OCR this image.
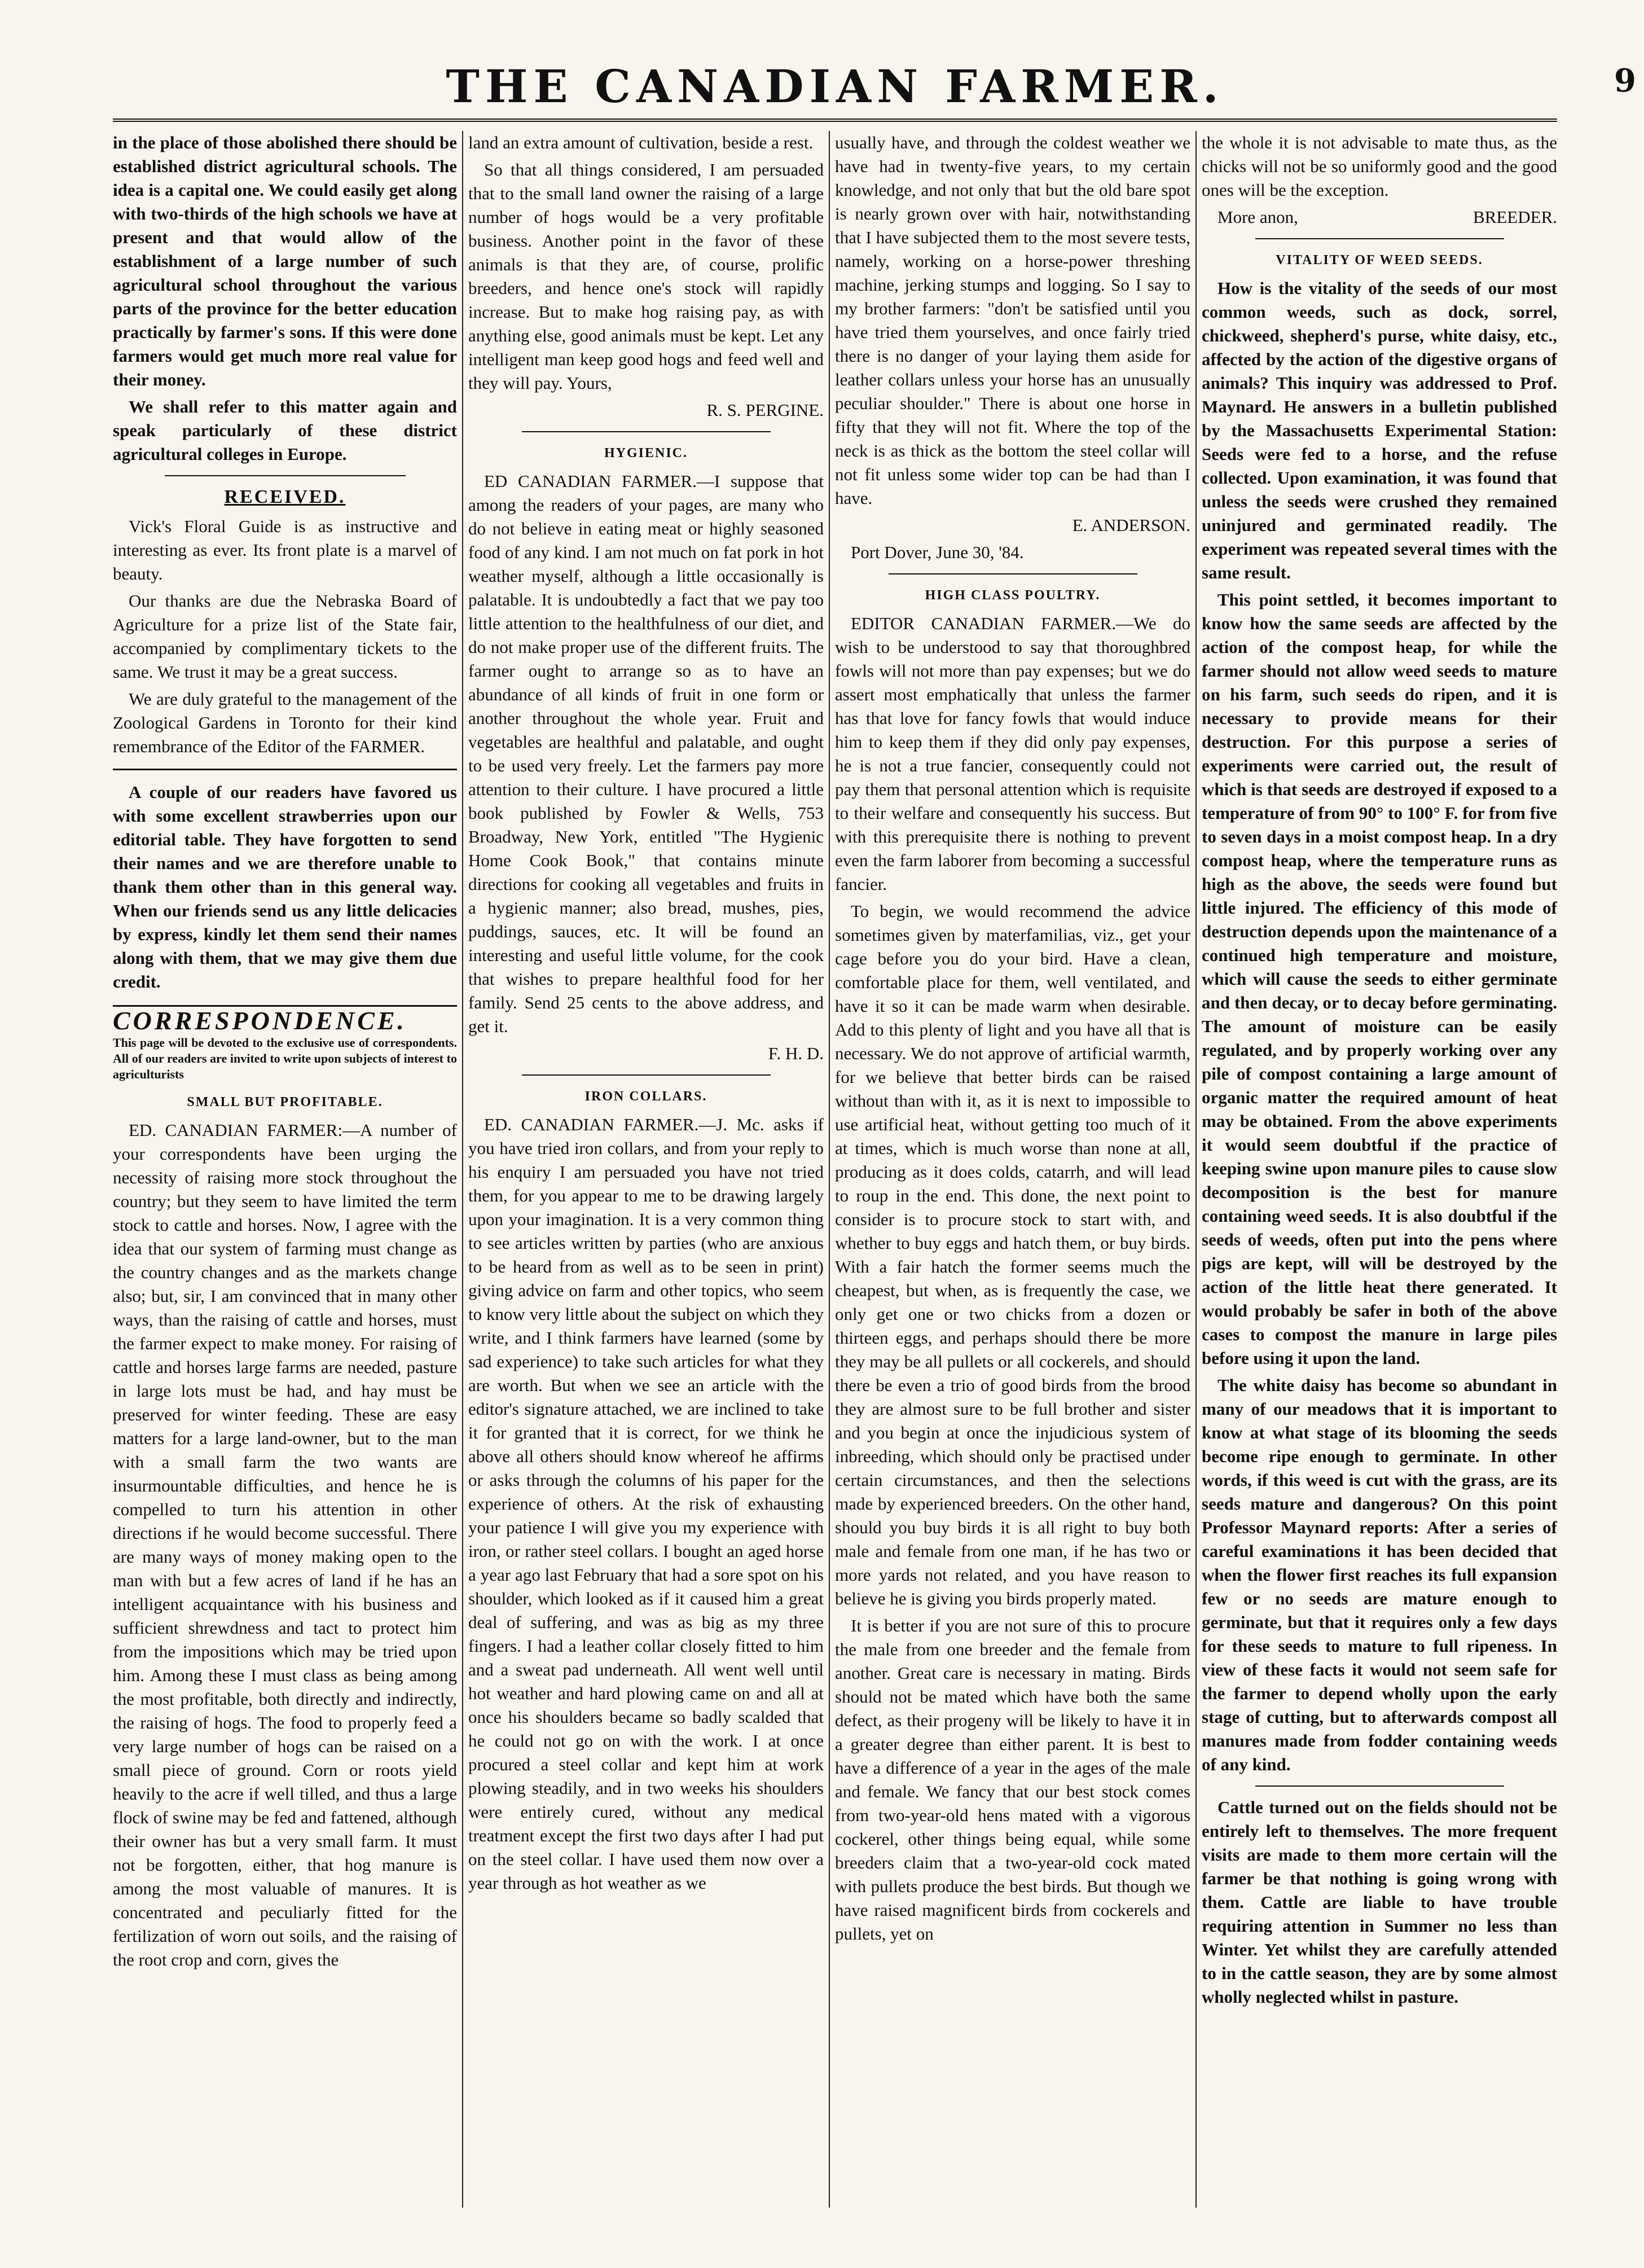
THE CANADIAN FARMER.	9

in the place of those abolished there should be established district agricultural schools. The idea is a capital one. We could easily get along with two-thirds of the high schools we have at present and that would allow of the establishment of a large number of such agricultural school throughout the various parts of the province for the better education practically by farmer's sons. If this were done farmers would get much more real value for their money.

We shall refer to this matter again and speak particularly of these district agricultural colleges in Europe.

RECEIVED.

Vick's Floral Guide is as instructive and interesting as ever. Its front plate is a marvel of beauty.

Our thanks are due the Nebraska Board of Agriculture for a prize list of the State fair, accompanied by complimentary tickets to the same. We trust it may be a great success.

We are duly grateful to the management of the Zoological Gardens in Toronto for their kind remembrance of the Editor of the FARMER.

A couple of our readers have favored us with some excellent strawberries upon our editorial table. They have forgotten to send their names and we are therefore unable to thank them other than in this general way. When our friends send us any little delicacies by express, kindly let them send their names along with them, that we may give them due credit.

CORRESPONDENCE.
This page will be devoted to the exclusive use of correspondents. All of our readers are invited to write upon subjects of interest to agriculturists
SMALL BUT PROFITABLE.

ED. CANADIAN FARMER:—A number of your correspondents have been urging the necessity of raising more stock throughout the country; but they seem to have limited the term stock to cattle and horses. Now, I agree with the idea that our system of farming must change as the country changes and as the markets change also; but, sir, I am convinced that in many other ways, than the raising of cattle and horses, must the farmer expect to make money. For raising of cattle and horses large farms are needed, pasture in large lots must be had, and hay must be preserved for winter feeding. These are easy matters for a large land-owner, but to the man with a small farm the two wants are insurmountable difficulties, and hence he is compelled to turn his attention in other directions if he would become successful. There are many ways of money making open to the man with but a few acres of land if he has an intelligent acquaintance with his business and sufficient shrewdness and tact to protect him from the impositions which may be tried upon him. Among these I must class as being among the most profitable, both directly and indirectly, the raising of hogs. The food to properly feed a very large number of hogs can be raised on a small piece of ground. Corn or roots yield heavily to the acre if well tilled, and thus a large flock of swine may be fed and fattened, although their owner has but a very small farm. It must not be forgotten, either, that hog manure is among the most valuable of manures. It is concentrated and peculiarly fitted for the fertilization of worn out soils, and the raising of the root crop and corn, gives the

land an extra amount of cultivation, beside a rest.

So that all things considered, I am persuaded that to the small land owner the raising of a large number of hogs would be a very profitable business. Another point in the favor of these animals is that they are, of course, prolific breeders, and hence one's stock will rapidly increase. But to make hog raising pay, as with anything else, good animals must be kept. Let any intelligent man keep good hogs and feed well and they will pay. Yours,

R. S. PERGINE.
HYGIENIC.

ED CANADIAN FARMER.—I suppose that among the readers of your pages, are many who do not believe in eating meat or highly seasoned food of any kind. I am not much on fat pork in hot weather myself, although a little occasionally is palatable. It is undoubtedly a fact that we pay too little attention to the healthfulness of our diet, and do not make proper use of the different fruits. The farmer ought to arrange so as to have an abundance of all kinds of fruit in one form or another throughout the whole year. Fruit and vegetables are healthful and palatable, and ought to be used very freely. Let the farmers pay more attention to their culture. I have procured a little book published by Fowler & Wells, 753 Broadway, New York, entitled "The Hygienic Home Cook Book," that contains minute directions for cooking all vegetables and fruits in a hygienic manner; also bread, mushes, pies, puddings, sauces, etc. It will be found an interesting and useful little volume, for the cook that wishes to prepare healthful food for her family. Send 25 cents to the above address, and get it.

F. H. D.
IRON COLLARS.

ED. CANADIAN FARMER.—J. Mc. asks if you have tried iron collars, and from your reply to his enquiry I am persuaded you have not tried them, for you appear to me to be drawing largely upon your imagination. It is a very common thing to see articles written by parties (who are anxious to be heard from as well as to be seen in print) giving advice on farm and other topics, who seem to know very little about the subject on which they write, and I think farmers have learned (some by sad experience) to take such articles for what they are worth. But when we see an article with the editor's signature attached, we are inclined to take it for granted that it is correct, for we think he above all others should know whereof he affirms or asks through the columns of his paper for the experience of others. At the risk of exhausting your patience I will give you my experience with iron, or rather steel collars. I bought an aged horse a year ago last February that had a sore spot on his shoulder, which looked as if it caused him a great deal of suffering, and was as big as my three fingers. I had a leather collar closely fitted to him and a sweat pad underneath. All went well until hot weather and hard plowing came on and all at once his shoulders became so badly scalded that he could not go on with the work. I at once procured a steel collar and kept him at work plowing steadily, and in two weeks his shoulders were entirely cured, without any medical treatment except the first two days after I had put on the steel collar. I have used them now over a year through as hot weather as we

usually have, and through the coldest weather we have had in twenty-five years, to my certain knowledge, and not only that but the old bare spot is nearly grown over with hair, notwithstanding that I have subjected them to the most severe tests, namely, working on a horse-power threshing machine, jerking stumps and logging. So I say to my brother farmers: "don't be satisfied until you have tried them yourselves, and once fairly tried there is no danger of your laying them aside for leather collars unless your horse has an unusually peculiar shoulder." There is about one horse in fifty that they will not fit. Where the top of the neck is as thick as the bottom the steel collar will not fit unless some wider top can be had than I have.

E. ANDERSON.

Port Dover, June 30, '84.

HIGH CLASS POULTRY.

EDITOR CANADIAN FARMER.—We do wish to be understood to say that thoroughbred fowls will not more than pay expenses; but we do assert most emphatically that unless the farmer has that love for fancy fowls that would induce him to keep them if they did only pay expenses, he is not a true fancier, consequently could not pay them that personal attention which is requisite to their welfare and consequently his success. But with this prerequisite there is nothing to prevent even the farm laborer from becoming a successful fancier.

To begin, we would recommend the advice sometimes given by materfamilias, viz., get your cage before you do your bird. Have a clean, comfortable place for them, well ventilated, and have it so it can be made warm when desirable. Add to this plenty of light and you have all that is necessary. We do not approve of artificial warmth, for we believe that better birds can be raised without than with it, as it is next to impossible to use artificial heat, without getting too much of it at times, which is much worse than none at all, producing as it does colds, catarrh, and will lead to roup in the end. This done, the next point to consider is to procure stock to start with, and whether to buy eggs and hatch them, or buy birds. With a fair hatch the former seems much the cheapest, but when, as is frequently the case, we only get one or two chicks from a dozen or thirteen eggs, and perhaps should there be more they may be all pullets or all cockerels, and should there be even a trio of good birds from the brood they are almost sure to be full brother and sister and you begin at once the injudicious system of inbreeding, which should only be practised under certain circumstances, and then the selections made by experienced breeders. On the other hand, should you buy birds it is all right to buy both male and female from one man, if he has two or more yards not related, and you have reason to believe he is giving you birds properly mated.

It is better if you are not sure of this to procure the male from one breeder and the female from another. Great care is necessary in mating. Birds should not be mated which have both the same defect, as their progeny will be likely to have it in a greater degree than either parent. It is best to have a difference of a year in the ages of the male and female. We fancy that our best stock comes from two-year-old hens mated with a vigorous cockerel, other things being equal, while some breeders claim that a two-year-old cock mated with pullets produce the best birds. But though we have raised magnificent birds from cockerels and pullets, yet on

the whole it is not advisable to mate thus, as the chicks will not be so uniformly good and the good ones will be the exception.

More anon,	BREEDER.

VITALITY OF WEED SEEDS.

How is the vitality of the seeds of our most common weeds, such as dock, sorrel, chickweed, shepherd's purse, white daisy, etc., affected by the action of the digestive organs of animals? This inquiry was addressed to Prof. Maynard. He answers in a bulletin published by the Massachusetts Experimental Station: Seeds were fed to a horse, and the refuse collected. Upon examination, it was found that unless the seeds were crushed they remained uninjured and germinated readily. The experiment was repeated several times with the same result.

This point settled, it becomes important to know how the same seeds are affected by the action of the compost heap, for while the farmer should not allow weed seeds to mature on his farm, such seeds do ripen, and it is necessary to provide means for their destruction. For this purpose a series of experiments were carried out, the result of which is that seeds are destroyed if exposed to a temperature of from 90° to 100° F. for from five to seven days in a moist compost heap. In a dry compost heap, where the temperature runs as high as the above, the seeds were found but little injured. The efficiency of this mode of destruction depends upon the maintenance of a continued high temperature and moisture, which will cause the seeds to either germinate and then decay, or to decay before germinating. The amount of moisture can be easily regulated, and by properly working over any pile of compost containing a large amount of organic matter the required amount of heat may be obtained. From the above experiments it would seem doubtful if the practice of keeping swine upon manure piles to cause slow decomposition is the best for manure containing weed seeds. It is also doubtful if the seeds of weeds, often put into the pens where pigs are kept, will will be destroyed by the action of the little heat there generated. It would probably be safer in both of the above cases to compost the manure in large piles before using it upon the land.

The white daisy has become so abundant in many of our meadows that it is important to know at what stage of its blooming the seeds become ripe enough to germinate. In other words, if this weed is cut with the grass, are its seeds mature and dangerous? On this point Professor Maynard reports: After a series of careful examinations it has been decided that when the flower first reaches its full expansion few or no seeds are mature enough to germinate, but that it requires only a few days for these seeds to mature to full ripeness. In view of these facts it would not seem safe for the farmer to depend wholly upon the early stage of cutting, but to afterwards compost all manures made from fodder containing weeds of any kind.

Cattle turned out on the fields should not be entirely left to themselves. The more frequent visits are made to them more certain will the farmer be that nothing is going wrong with them. Cattle are liable to have trouble requiring attention in Summer no less than Winter. Yet whilst they are carefully attended to in the cattle season, they are by some almost wholly neglected whilst in pasture.
